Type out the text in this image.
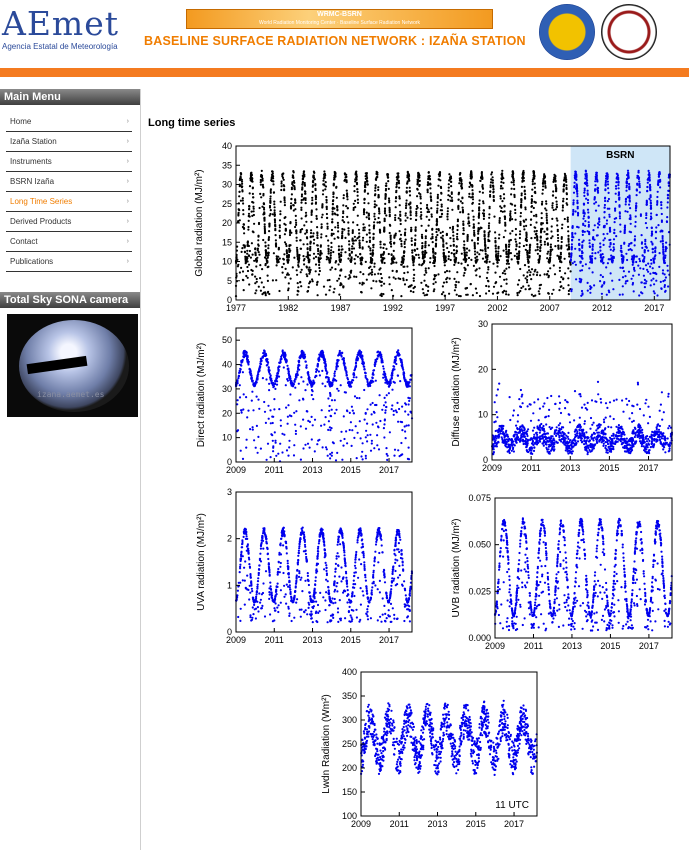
AEmet
Agencia Estatal de Meteorología
WRMC-BSRN
World Radiation Monitoring Center · Baseline Surface Radiation Network
BASELINE SURFACE RADIATION NETWORK : IZAÑA STATION
Main Menu
Home	›
Izaña Station	›
Instruments	›
BSRN Izaña	›
Long Time Series	›
Derived Products	›
Contact	›
Publications	›
Total Sky SONA camera
izana.aemet.es
Long time series
1977	1982	1987	1992	1997	2002	2007	2012	2017
0
5
10
15
20
25
30
35
40
Global radiation (MJ/m²)
BSRN
2009 2011 2013 2015 2017
0
10
20
30
40
50
Direct radiation (MJ/m²)
2009 2011 2013 2015 2017
0
10
20
30
Diffuse radiation (MJ/m²)
2009 2011 2013 2015 2017
0
1
2
3
UVA radiation (MJ/m²)
2009 2011 2013 2015 2017
0.000
0.025
0.050
0.075
UVB radiation (MJ/m²)
2009 2011 2013 2015 2017
100
150
200
250
300
350
400
Lwdn Radiation (Wm²)
11 UTC
